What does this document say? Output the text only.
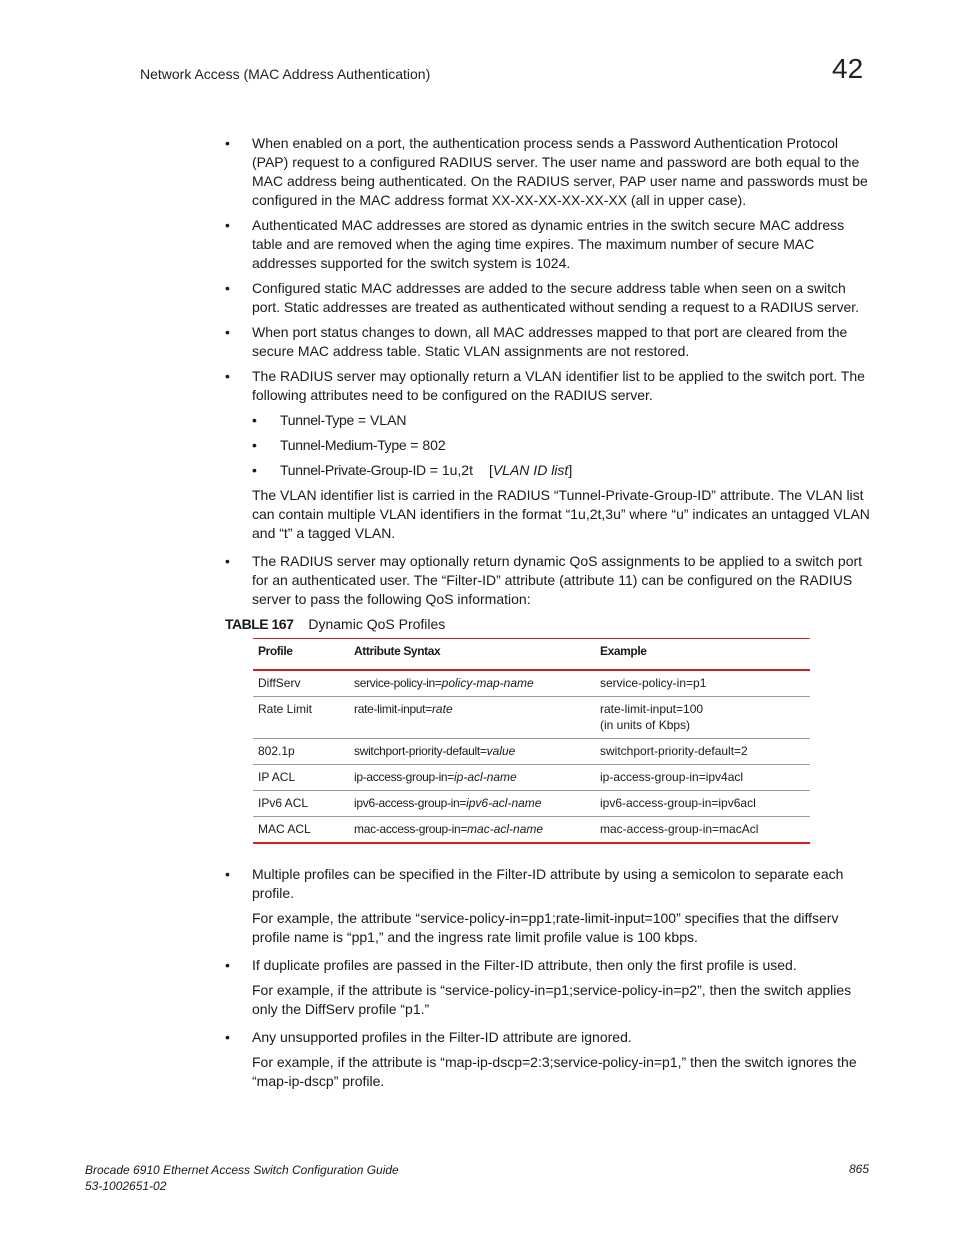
Network Access (MAC Address Authentication)	42
• When enabled on a port, the authentication process sends a Password Authentication Protocol (PAP) request to a configured RADIUS server. The user name and password are both equal to the MAC address being authenticated. On the RADIUS server, PAP user name and passwords must be configured in the MAC address format XX-XX-XX-XX-XX-XX (all in upper case).
• Authenticated MAC addresses are stored as dynamic entries in the switch secure MAC address table and are removed when the aging time expires. The maximum number of secure MAC addresses supported for the switch system is 1024.
• Configured static MAC addresses are added to the secure address table when seen on a switch port. Static addresses are treated as authenticated without sending a request to a RADIUS server.
• When port status changes to down, all MAC addresses mapped to that port are cleared from the secure MAC address table. Static VLAN assignments are not restored.
• The RADIUS server may optionally return a VLAN identifier list to be applied to the switch port. The following attributes need to be configured on the RADIUS server.
• Tunnel-Type = VLAN
• Tunnel-Medium-Type = 802
• Tunnel-Private-Group-ID = 1u,2t [VLAN ID list]
The VLAN identifier list is carried in the RADIUS “Tunnel-Private-Group-ID” attribute. The VLAN list can contain multiple VLAN identifiers in the format “1u,2t,3u” where “u” indicates an untagged VLAN and “t” a tagged VLAN.
• The RADIUS server may optionally return dynamic QoS assignments to be applied to a switch port for an authenticated user. The “Filter-ID” attribute (attribute 11) can be configured on the RADIUS server to pass the following QoS information:
TABLE 167 Dynamic QoS Profiles
Profile	Attribute Syntax	Example
DiffServ	service-policy-in=policy-map-name	service-policy-in=p1
Rate Limit	rate-limit-input=rate	rate-limit-input=100
(in units of Kbps)

802.1p	switchport-priority-default=value	switchport-priority-default=2
IP ACL	ip-access-group-in=ip-acl-name	ip-access-group-in=ipv4acl
IPv6 ACL	ipv6-access-group-in=ipv6-acl-name	ipv6-access-group-in=ipv6acl
MAC ACL	mac-access-group-in=mac-acl-name	mac-access-group-in=macAcl
• Multiple profiles can be specified in the Filter-ID attribute by using a semicolon to separate each profile.
For example, the attribute “service-policy-in=pp1;rate-limit-input=100” specifies that the diffserv profile name is “pp1,” and the ingress rate limit profile value is 100 kbps.
• If duplicate profiles are passed in the Filter-ID attribute, then only the first profile is used.
For example, if the attribute is “service-policy-in=p1;service-policy-in=p2”, then the switch applies only the DiffServ profile “p1.”
• Any unsupported profiles in the Filter-ID attribute are ignored.
For example, if the attribute is “map-ip-dscp=2:3;service-policy-in=p1,” then the switch ignores the “map-ip-dscp” profile.
Brocade 6910 Ethernet Access Switch Configuration Guide
53-1002651-02
865
